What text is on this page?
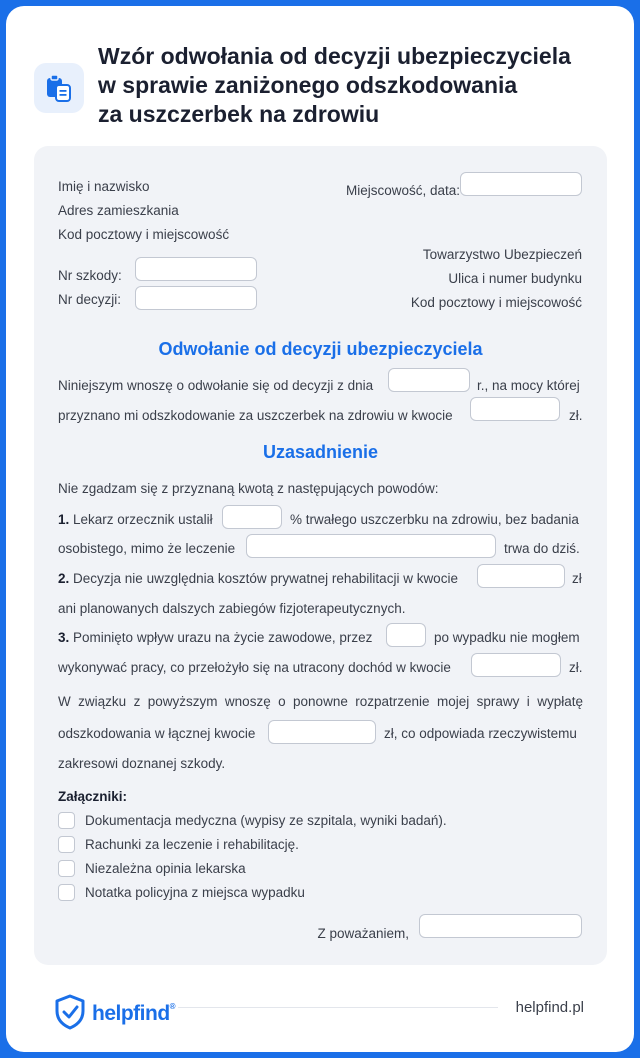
Wzór odwołania od decyzji ubezpieczyciela
w sprawie zaniżonego odszkodowania
za uszczerbek na zdrowiu
Imię i nazwisko
Adres zamieszkania
Kod pocztowy i miejscowość
Miejscowość, data:
Towarzystwo Ubezpieczeń
Ulica i numer budynku
Kod pocztowy i miejscowość
Nr szkody:
Nr decyzji:
Odwołanie od decyzji ubezpieczyciela
Niniejszym wnoszę o odwołanie się od decyzji z dnia	r., na mocy której
przyznano mi odszkodowanie za uszczerbek na zdrowiu w kwocie	zł.
Uzasadnienie
Nie zgadzam się z przyznaną kwotą z następujących powodów:
1. Lekarz orzecznik ustalił	% trwałego uszczerbku na zdrowiu, bez badania
osobistego, mimo że leczenie	trwa do dziś.
2. Decyzja nie uwzględnia kosztów prywatnej rehabilitacji w kwocie	zł
ani planowanych dalszych zabiegów fizjoterapeutycznych.
3. Pominięto wpływ urazu na życie zawodowe, przez	po wypadku nie mogłem
wykonywać pracy, co przełożyło się na utracony dochód w kwocie	zł.
W związku z powyższym wnoszę o ponowne rozpatrzenie mojej sprawy i wypłatę
odszkodowania w łącznej kwocie	zł, co odpowiada rzeczywistemu
zakresowi doznanej szkody.
Załączniki:
Dokumentacja medyczna (wypisy ze szpitala, wyniki badań).
Rachunki za leczenie i rehabilitację.
Niezależna opinia lekarska
Notatka policyjna z miejsca wypadku
Z poważaniem,
helpfind®	helpfind.pl
